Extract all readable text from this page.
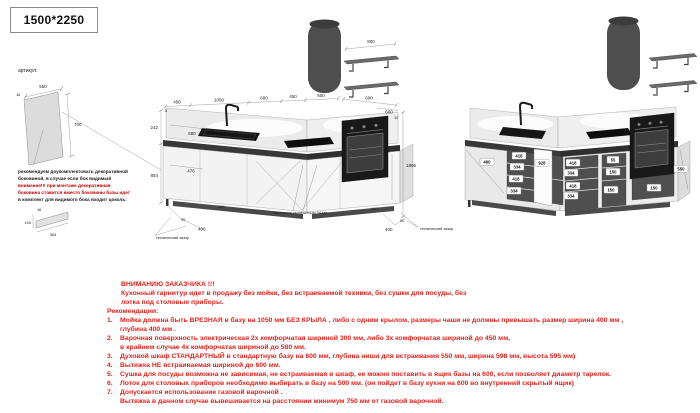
1500*2250
артикул:
550
16
700
рекомендуем доукомплектовать декоративной
боковиной, в случае если бок видимый
внимание!!! при монтаже декоративная
боковина ставится вместо боковины базы идет
в комплект для видимого бока входит цоколь:
16
100
384
800
450	1050	600	450	600
600
600
10
5
242
854
680
476
1896
566
100
100
90
400
технический зазор
400
90
технический зазор
нависание столешницы 34 мм
460
418
334
418
334
928	418
334
418
334
55
150
150	150
550
ВНИМАНИЮ ЗАКАЗЧИКА !!!
Кухонный гарнитур идет в продажу без мойки, без встраиваемой техники, без сушки для посуды, без
лотка под столовые приборы.
Рекомендации:
1.	Мойка должна быть ВРЕЗНАЯ в базу на 1050 мм БЕЗ КРЫЛА , либо с одним крылом, размеры чаши не должны превышать размер ширина 400 мм ,
глубина 400 мм .
2.	Варочная поверхность электрическая 2х комфорчатая шириной 300 мм, либо 3х комфорчатая шириной до 450 мм,
в крайнем случае 4х комфорчатая шириной до 580 мм.
3.	Духовой шкаф СТАНДАРТНЫЙ в стандартную базу на 600 мм, глубина ниши для встраивания 550 мм, ширина 598 мм, высота 595 мм)
4.	Вытяжка НЕ встраиваемая шириной до 600 мм.
5.	Сушка для посуды возможна не зависимая, не встраиваемая в шкаф, ее можно поставить в ящик базы на 600, если позволяет диаметр тарелок.
6.	Лоток для столовых приборов необходимо выбирать в базу на 500 мм. (он пойдет в базу кухни на 600 во внутренний скрытый ящик)
7.	Допускается использование газовой варочной .
Вытяжка в данном случае вывешивается на расстоянии минимум 750 мм от газовой варочной.
